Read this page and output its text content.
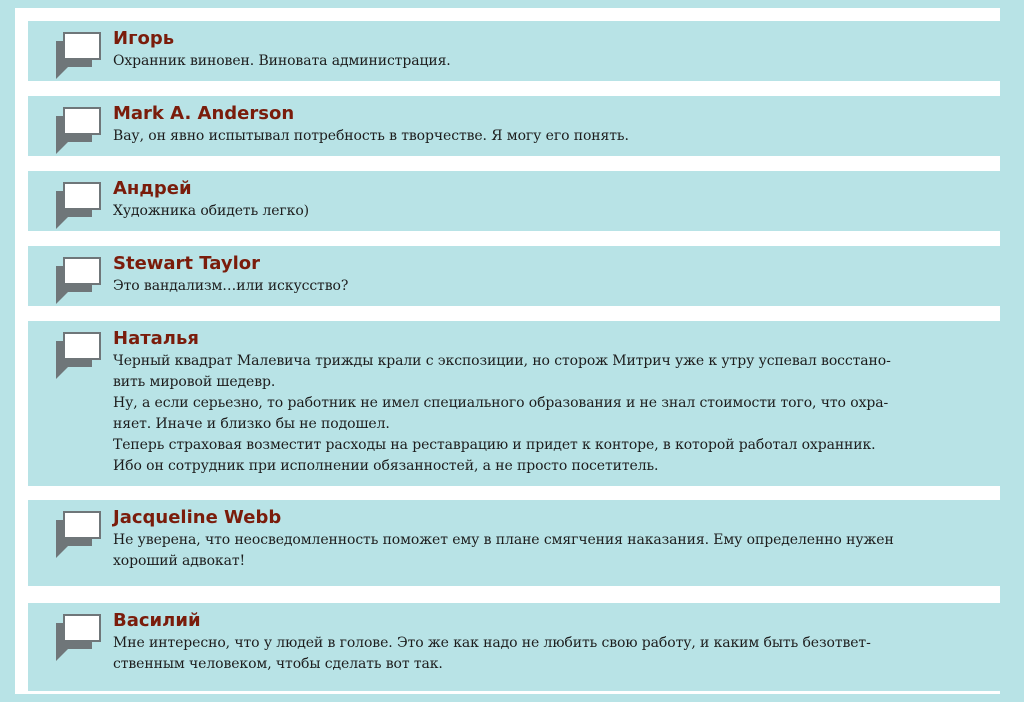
Игорь
Охранник виновен. Виновата администрация.
Mark A. Anderson
Вау, он явно испытывал потребность в творчестве. Я могу его понять.
Андрей
Художника обидеть легко)
Stewart Taylor
Это вандализм…или искусство?
Наталья
Черный квадрат Малевича трижды крали с экспозиции, но сторож Митрич уже к утру успевал восстано-
вить мировой шедевр.
Ну, а если серьезно, то работник не имел специального образования и не знал стоимости того, что охра-
няет. Иначе и близко бы не подошел.
Теперь страховая возместит расходы на реставрацию и придет к конторе, в которой работал охранник.
Ибо он сотрудник при исполнении обязанностей, а не просто посетитель.
Jacqueline Webb
Не уверена, что неосведомленность поможет ему в плане смягчения наказания. Ему определенно нужен
хороший адвокат!
Василий
Мне интересно, что у людей в голове. Это же как надо не любить свою работу, и каким быть безответ-
ственным человеком, чтобы сделать вот так.
